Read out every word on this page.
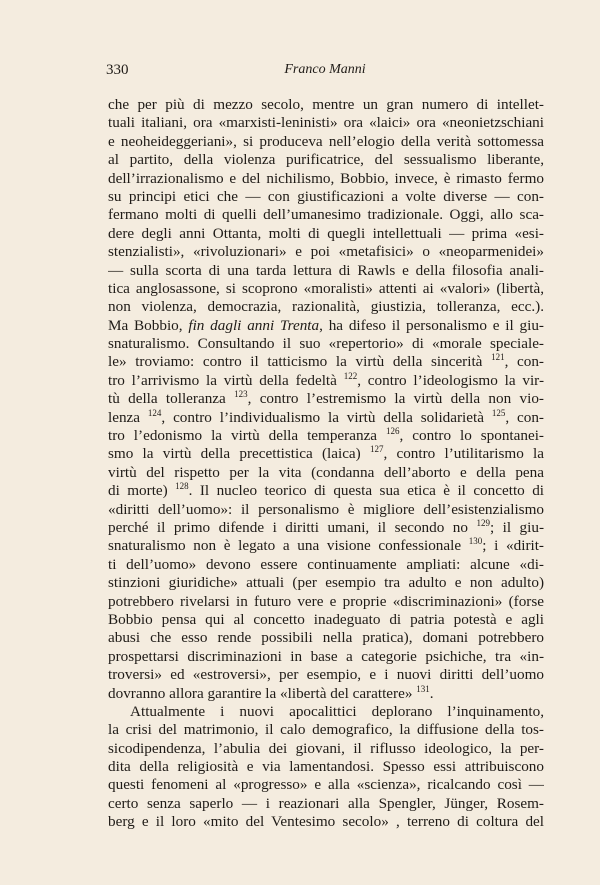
330	Franco Manni
che per più di mezzo secolo, mentre un gran numero di intellet-
tuali italiani, ora «marxisti-leninisti» ora «laici» ora «neonietzschiani
e neoheideggeriani», si produceva nell’elogio della verità sottomessa
al partito, della violenza purificatrice, del sessualismo liberante,
dell’irrazionalismo e del nichilismo, Bobbio, invece, è rimasto fermo
su principi etici che — con giustificazioni a volte diverse — con-
fermano molti di quelli dell’umanesimo tradizionale. Oggi, allo sca-
dere degli anni Ottanta, molti di quegli intellettuali — prima «esi-
stenzialisti», «rivoluzionari» e poi «metafisici» o «neoparmenidei»
— sulla scorta di una tarda lettura di Rawls e della filosofia anali-
tica anglosassone, si scoprono «moralisti» attenti ai «valori» (libertà,
non violenza, democrazia, razionalità, giustizia, tolleranza, ecc.).
Ma Bobbio, fin dagli anni Trenta, ha difeso il personalismo e il giu-
snaturalismo. Consultando il suo «repertorio» di «morale speciale-
le» troviamo: contro il tatticismo la virtù della sincerità $^{121}$, con-
tro l’arrivismo la virtù della fedeltà $^{122}$, contro l’ideologismo la vir-
tù della tolleranza $^{123}$, contro l’estremismo la virtù della non vio-
lenza $^{124}$, contro l’individualismo la virtù della solidarietà $^{125}$, con-
tro l’edonismo la virtù della temperanza $^{126}$, contro lo spontanei-
smo la virtù della precettistica (laica) $^{127}$, contro l’utilitarismo la
virtù del rispetto per la vita (condanna dell’aborto e della pena
di morte) $^{128}$. Il nucleo teorico di questa sua etica è il concetto di
«diritti dell’uomo»: il personalismo è migliore dell’esistenzialismo
perché il primo difende i diritti umani, il secondo no $^{129}$; il giu-
snaturalismo non è legato a una visione confessionale $^{130}$; i «dirit-
ti dell’uomo» devono essere continuamente ampliati: alcune «di-
stinzioni giuridiche» attuali (per esempio tra adulto e non adulto)
potrebbero rivelarsi in futuro vere e proprie «discriminazioni» (forse
Bobbio pensa qui al concetto inadeguato di patria potestà e agli
abusi che esso rende possibili nella pratica), domani potrebbero
prospettarsi discriminazioni in base a categorie psichiche, tra «in-
troversi» ed «estroversi», per esempio, e i nuovi diritti dell’uomo
dovranno allora garantire la «libertà del carattere» $^{131}$.
Attualmente i nuovi apocalittici deplorano l’inquinamento,
la crisi del matrimonio, il calo demografico, la diffusione della tos-
sicodipendenza, l’abulia dei giovani, il riflusso ideologico, la per-
dita della religiosità e via lamentandosi. Spesso essi attribuiscono
questi fenomeni al «progresso» e alla «scienza», ricalcando così —
certo senza saperlo — i reazionari alla Spengler, Jünger, Rosem-
berg e il loro «mito del Ventesimo secolo» , terreno di coltura del
